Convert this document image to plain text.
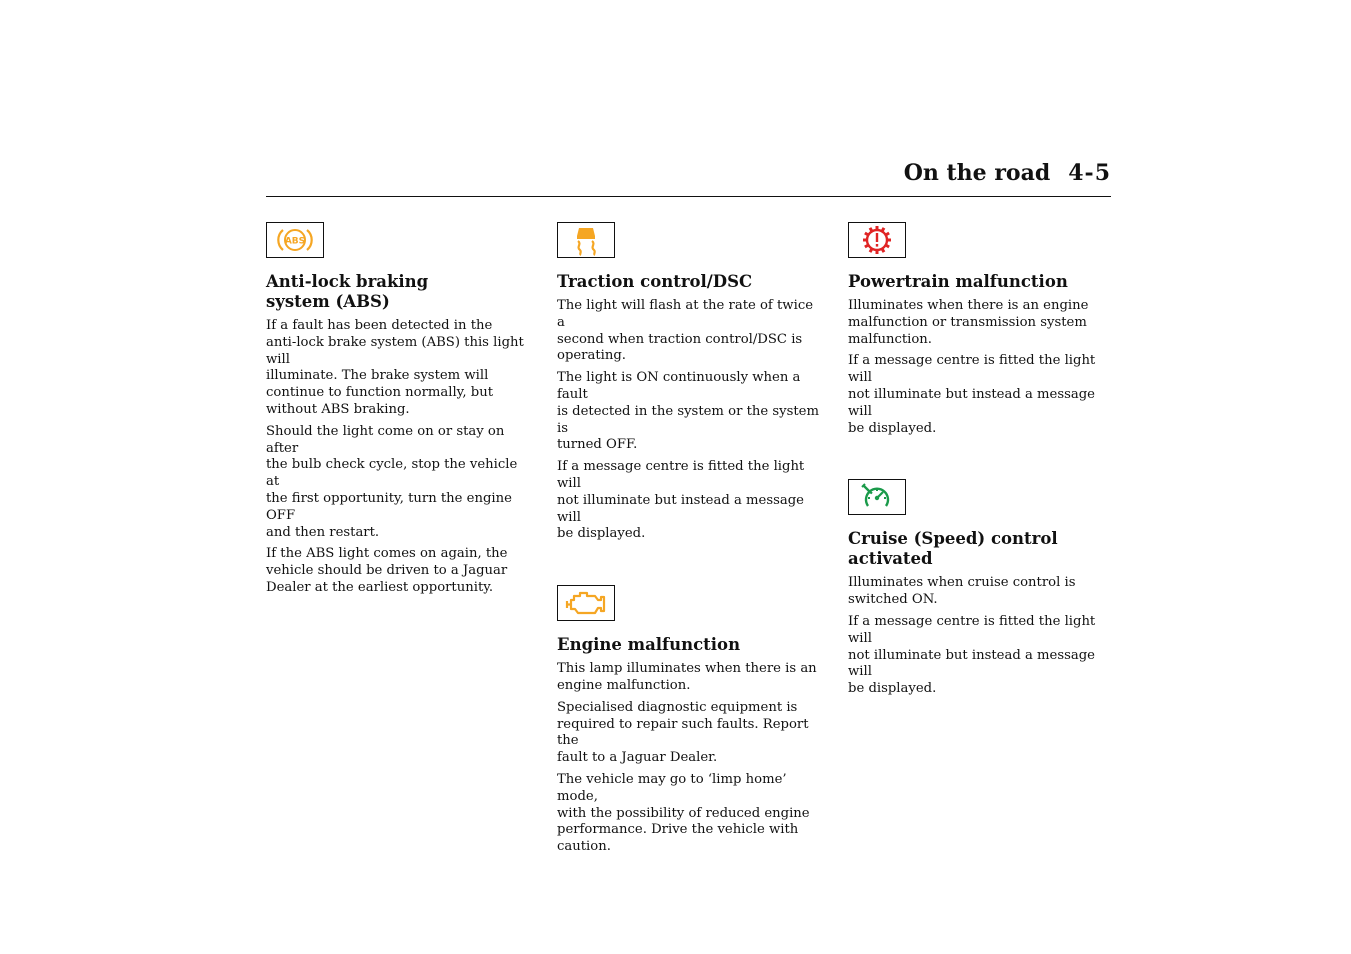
On the road 4-5
ABS
Anti-lock braking
system (ABS)

If a fault has been detected in the
anti-lock brake system (ABS) this light will
illuminate. The brake system will
continue to function normally, but
without ABS braking.

Should the light come on or stay on after
the bulb check cycle, stop the vehicle at
the first opportunity, turn the engine OFF
and then restart.

If the ABS light comes on again, the
vehicle should be driven to a Jaguar
Dealer at the earliest opportunity.

Traction control/DSC

The light will flash at the rate of twice a
second when traction control/DSC is
operating.

The light is ON continuously when a fault
is detected in the system or the system is
turned OFF.

If a message centre is fitted the light will
not illuminate but instead a message will
be displayed.

Engine malfunction

This lamp illuminates when there is an
engine malfunction.

Specialised diagnostic equipment is
required to repair such faults. Report the
fault to a Jaguar Dealer.

The vehicle may go to ‘limp home’ mode,
with the possibility of reduced engine
performance. Drive the vehicle with
caution.

Powertrain malfunction

Illuminates when there is an engine
malfunction or transmission system
malfunction.

If a message centre is fitted the light will
not illuminate but instead a message will
be displayed.

Cruise (Speed) control
activated

Illuminates when cruise control is
switched ON.

If a message centre is fitted the light will
not illuminate but instead a message will
be displayed.
